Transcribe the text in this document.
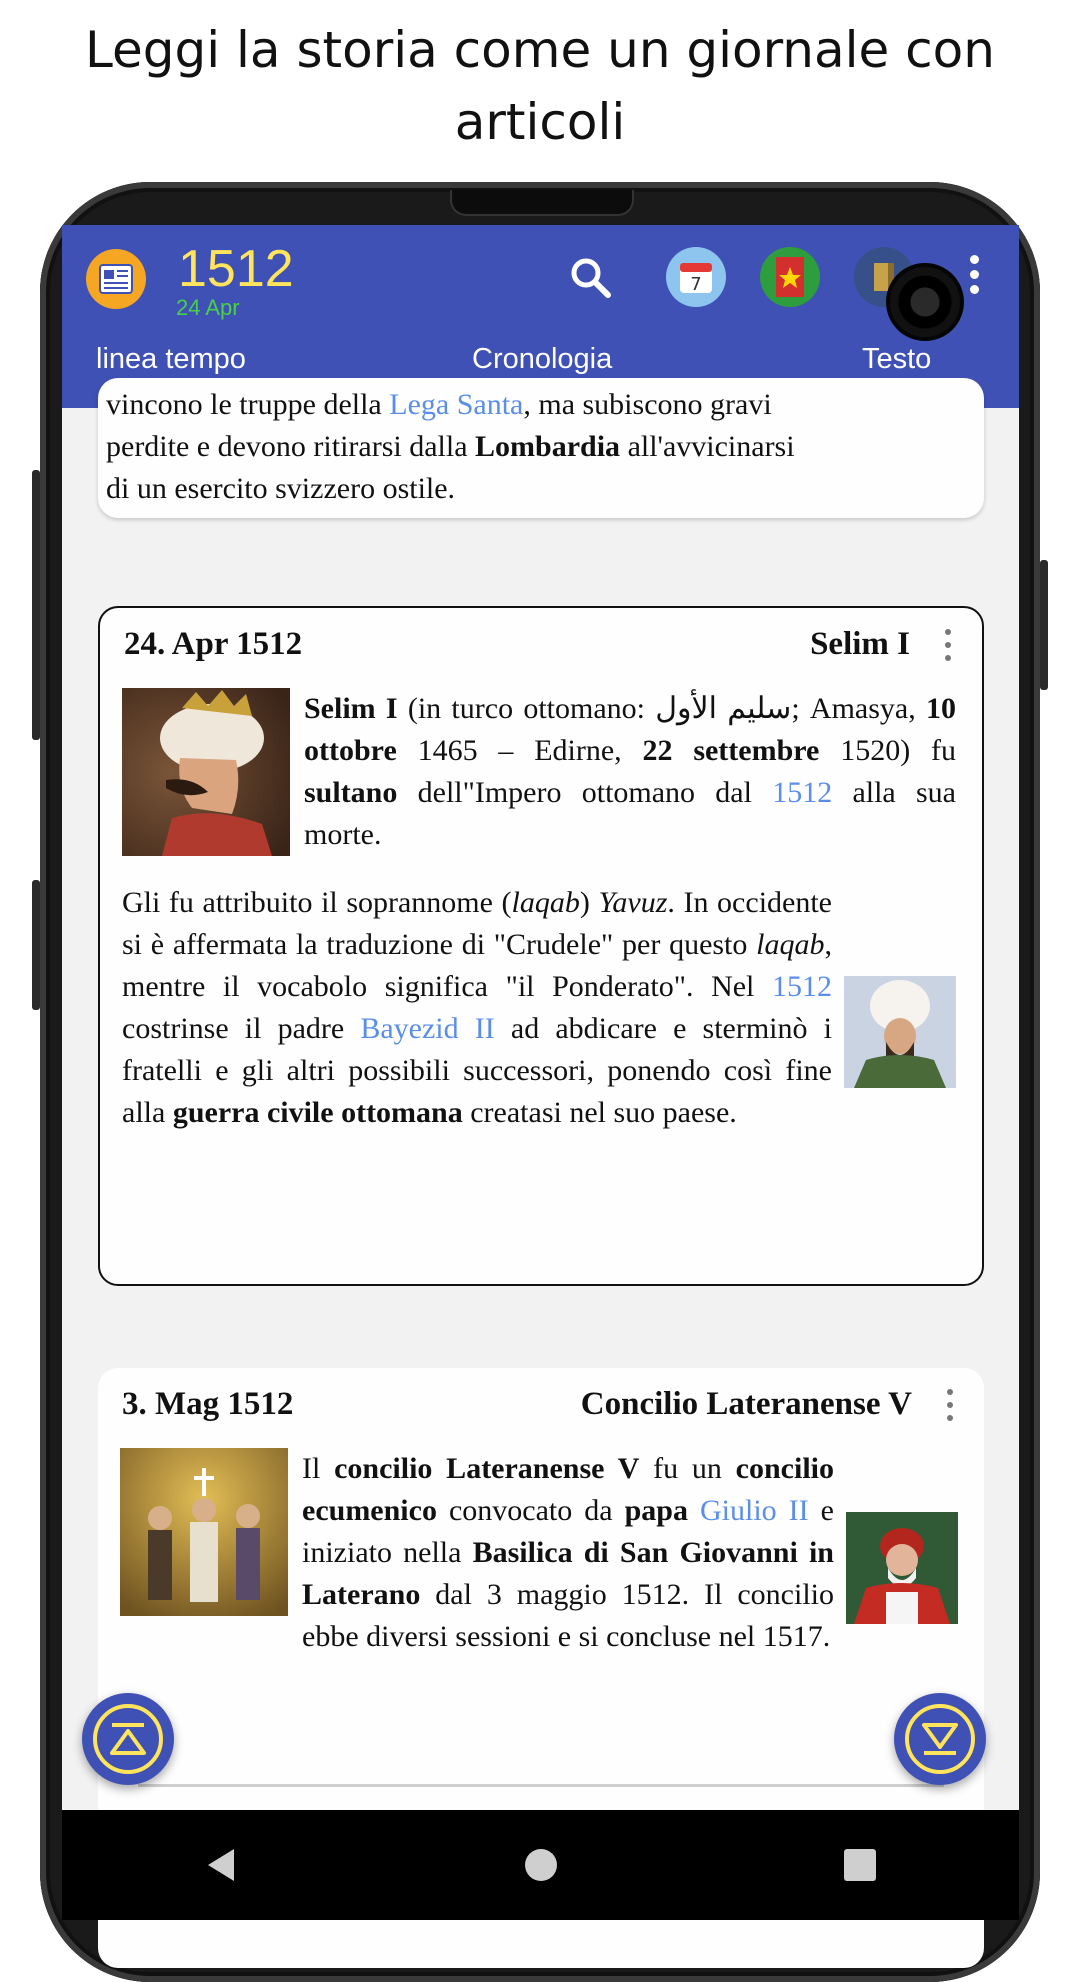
Leggi la storia come un giornale con
articoli
1512
24 Apr
7
linea tempo	Cronologia	Testo
vincono le truppe della Lega Santa, ma subiscono gravi
perdite e devono ritirarsi dalla Lombardia all'avvicinarsi
di un esercito svizzero ostile.
24. Apr 1512	Selim I
Selim I (in turco ottomano: سليم الأول; Amasya, 10 ottobre 1465 – Edirne, 22 settembre 1520) fu sultano dell"Impero ottomano dal 1512 alla sua morte.
Gli fu attribuito il soprannome (laqab) Yavuz. In occidente si è affermata la traduzione di "Crudele" per questo laqab, mentre il vocabolo significa "il Ponderato". Nel 1512 costrinse il padre Bayezid II ad abdicare e sterminò i fratelli e gli altri possibili successori, ponendo così fine alla guerra civile ottomana creatasi nel suo paese.
3. Mag 1512	Concilio Lateranense V
Il concilio Lateranense V fu un concilio ecumenico convocato da papa Giulio II e iniziato nella Basilica di San Giovanni in Laterano dal 3 maggio 1512. Il concilio ebbe diversi sessioni e si concluse nel 1517.
